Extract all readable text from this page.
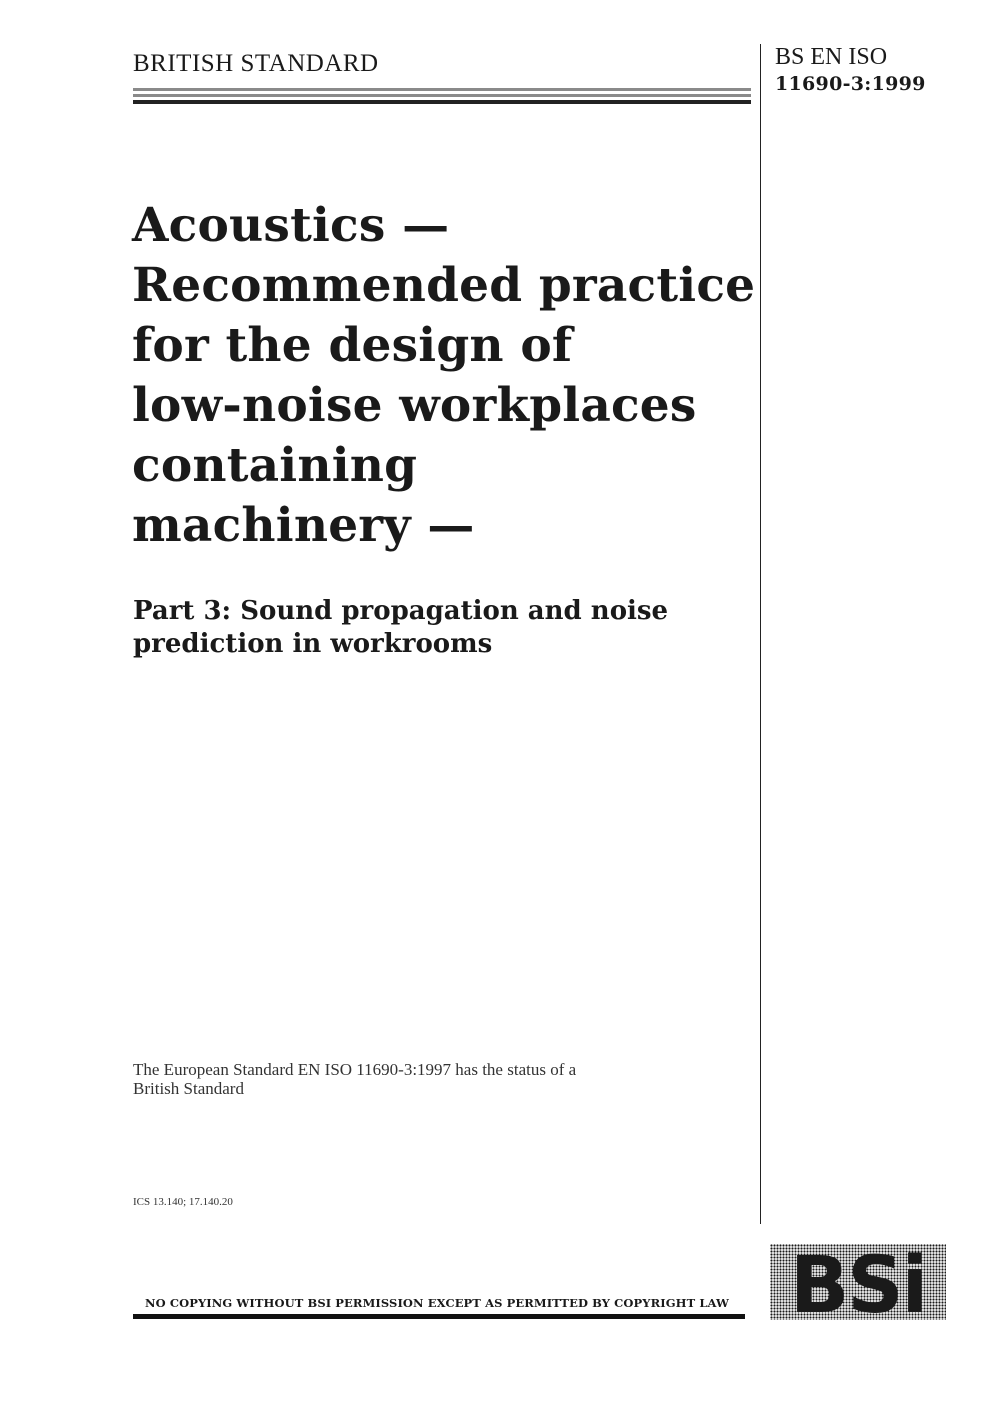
BRITISH STANDARD	BS EN ISO
11690-3:1999
Acoustics —
Recommended practice
for the design of
low-noise workplaces
containing
machinery —
Part 3: Sound propagation and noise
prediction in workrooms
The European Standard EN ISO 11690-3:1997 has the status of a
British Standard
ICS 13.140; 17.140.20
NO COPYING WITHOUT BSI PERMISSION EXCEPT AS PERMITTED BY COPYRIGHT LAW BSi
